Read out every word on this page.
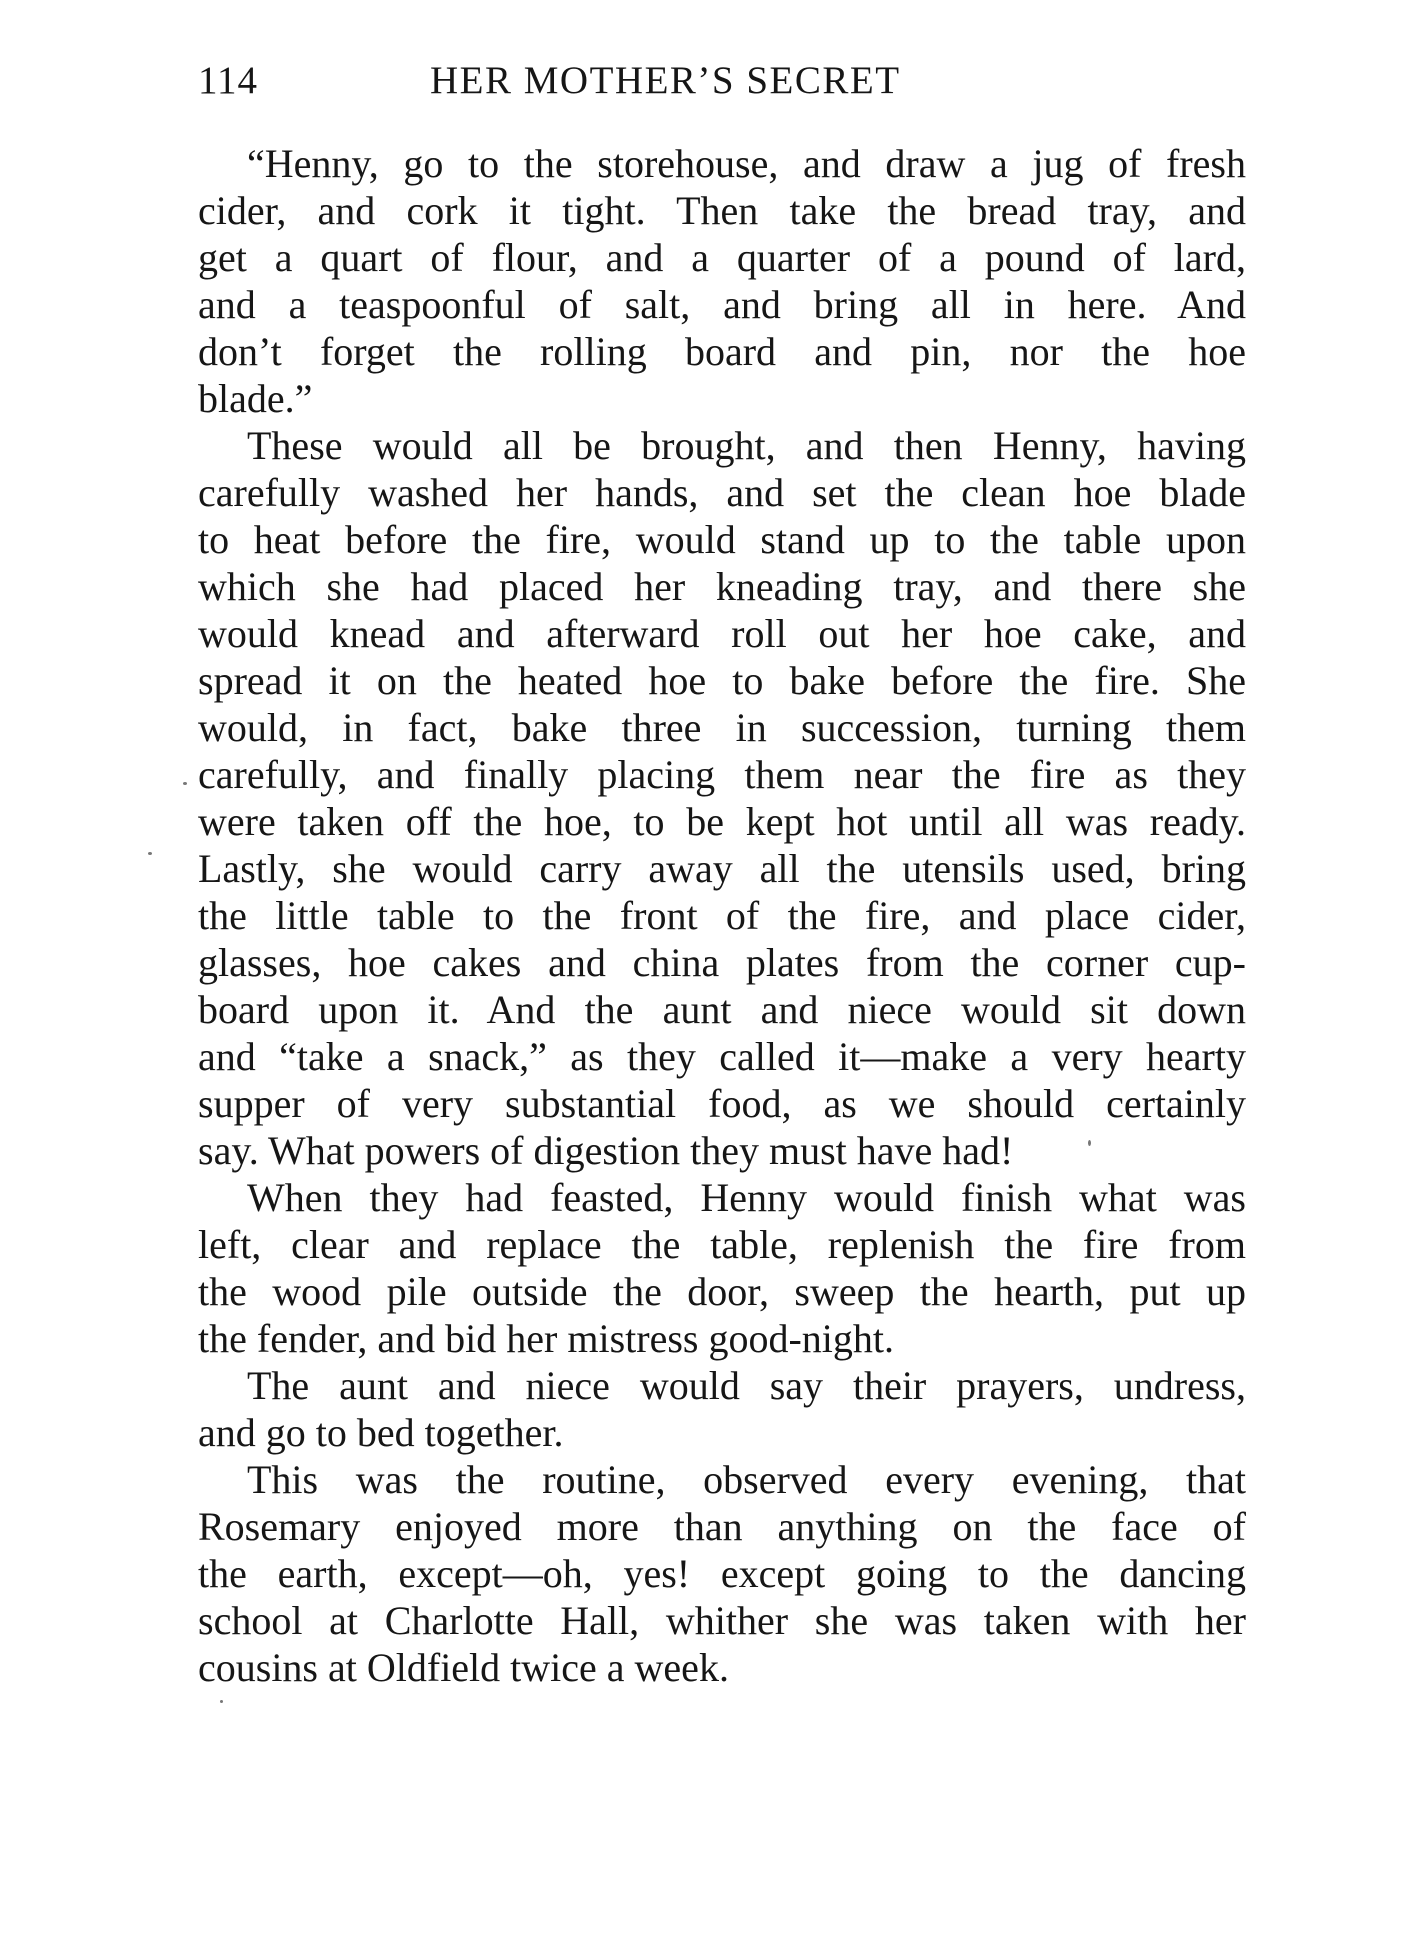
114	HER MOTHER’S SECRET
“Henny, go to the storehouse, and draw a jug of fresh
cider, and cork it tight. Then take the bread tray, and
get a quart of flour, and a quarter of a pound of lard,
and a teaspoonful of salt, and bring all in here. And
don’t forget the rolling board and pin, nor the hoe
blade.”
These would all be brought, and then Henny, having
carefully washed her hands, and set the clean hoe blade
to heat before the fire, would stand up to the table upon
which she had placed her kneading tray, and there she
would knead and afterward roll out her hoe cake, and
spread it on the heated hoe to bake before the fire. She
would, in fact, bake three in succession, turning them
carefully, and finally placing them near the fire as they
were taken off the hoe, to be kept hot until all was ready.
Lastly, she would carry away all the utensils used, bring
the little table to the front of the fire, and place cider,
glasses, hoe cakes and china plates from the corner cup-
board upon it. And the aunt and niece would sit down
and “take a snack,” as they called it—make a very hearty
supper of very substantial food, as we should certainly
say. What powers of digestion they must have had!
When they had feasted, Henny would finish what was
left, clear and replace the table, replenish the fire from
the wood pile outside the door, sweep the hearth, put up
the fender, and bid her mistress good-night.
The aunt and niece would say their prayers, undress,
and go to bed together.
This was the routine, observed every evening, that
Rosemary enjoyed more than anything on the face of
the earth, except—oh, yes! except going to the dancing
school at Charlotte Hall, whither she was taken with her
cousins at Oldfield twice a week.
